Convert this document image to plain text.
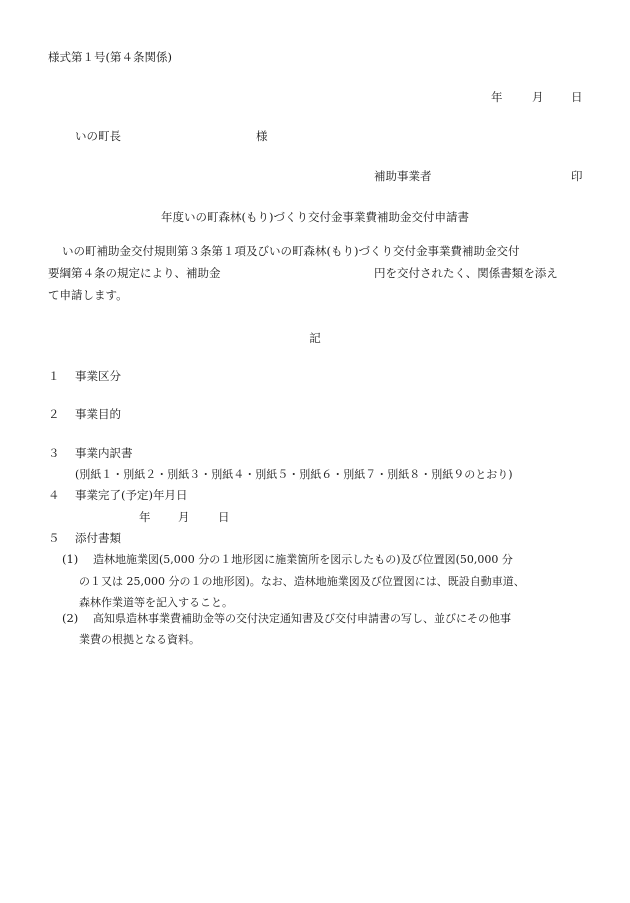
様式第１号(第４条関係)
年	月 日
いの町長	様
補助事業者	印
年度いの町森林(もり)づくり交付金事業費補助金交付申請書
いの町補助金交付規則第３条第１項及びいの町森林(もり)づくり交付金事業費補助金交付
要綱第４条の規定により、補助金	円を交付されたく、関係書類を添え
て申請します。
記
１ 事業区分
２ 事業目的
３ 事業内訳書
(別紙１・別紙２・別紙３・別紙４・別紙５・別紙６・別紙７・別紙８・別紙９のとおり)
４ 事業完了(予定)年月日
年 月 日
５ 添付書類
(1) 造林地施業図(5,000 分の１地形図に施業箇所を図示したもの)及び位置図(50,000 分
の１又は 25,000 分の１の地形図)。なお、造林地施業図及び位置図には、既設自動車道、
森林作業道等を記入すること。
(2) 高知県造林事業費補助金等の交付決定通知書及び交付申請書の写し、並びにその他事
業費の根拠となる資料。
